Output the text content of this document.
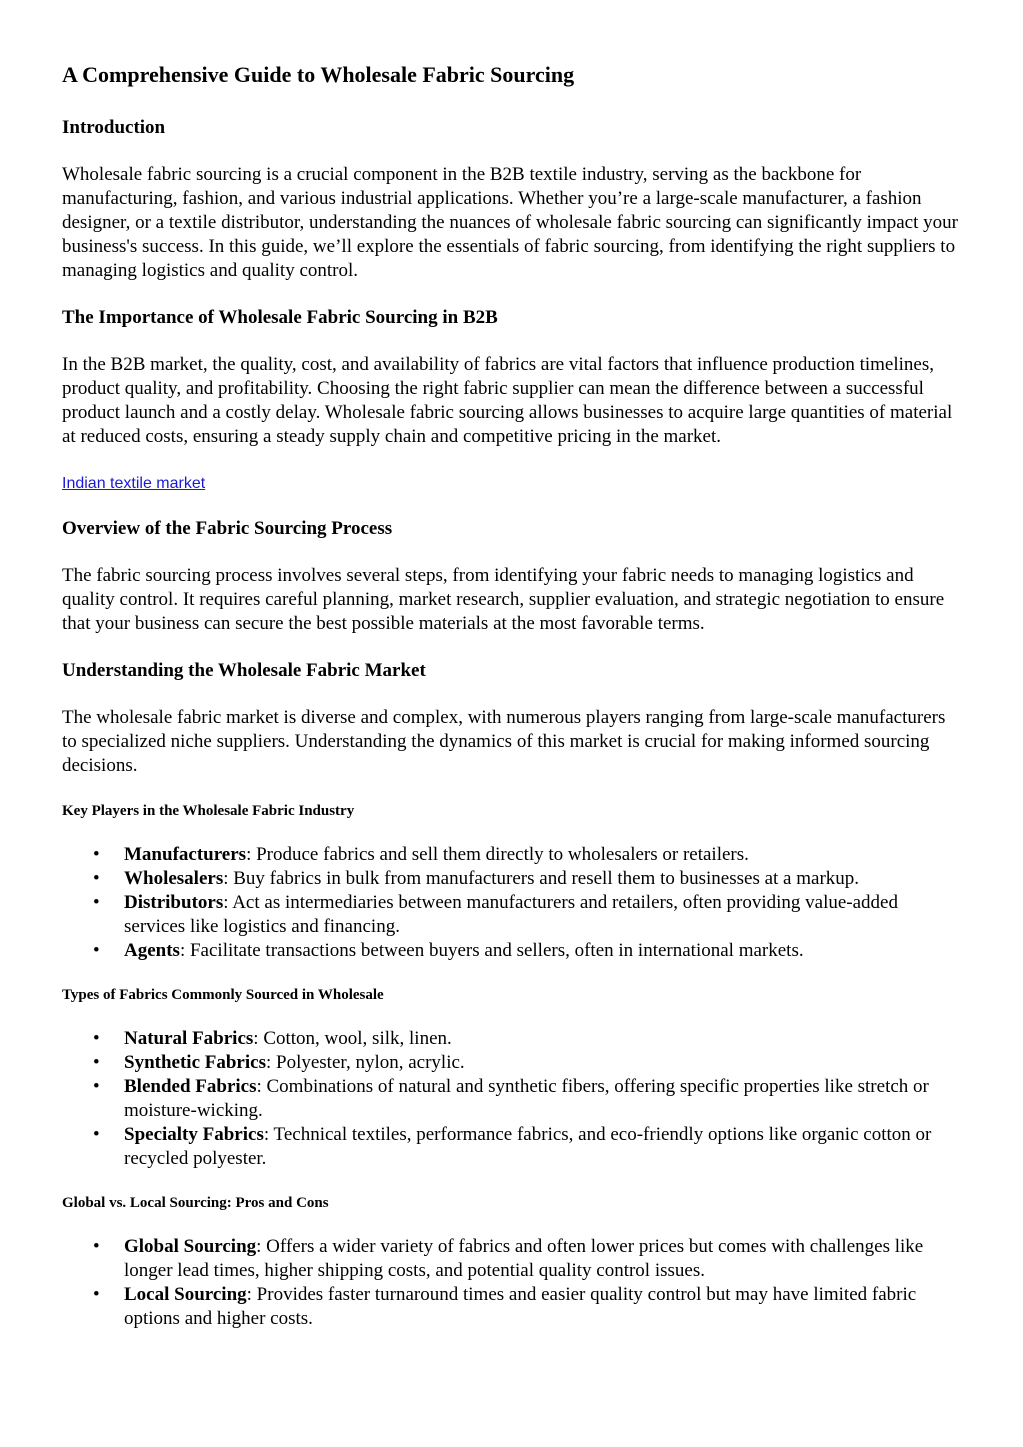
A Comprehensive Guide to Wholesale Fabric Sourcing
Introduction

Wholesale fabric sourcing is a crucial component in the B2B textile industry, serving as the backbone for manufacturing, fashion, and various industrial applications. Whether you’re a large-scale manufacturer, a fashion designer, or a textile distributor, understanding the nuances of wholesale fabric sourcing can significantly impact your business's success. In this guide, we’ll explore the essentials of fabric sourcing, from identifying the right suppliers to managing logistics and quality control.

The Importance of Wholesale Fabric Sourcing in B2B

In the B2B market, the quality, cost, and availability of fabrics are vital factors that influence production timelines, product quality, and profitability. Choosing the right fabric supplier can mean the difference between a successful product launch and a costly delay. Wholesale fabric sourcing allows businesses to acquire large quantities of material at reduced costs, ensuring a steady supply chain and competitive pricing in the market.

Indian textile market
Overview of the Fabric Sourcing Process

The fabric sourcing process involves several steps, from identifying your fabric needs to managing logistics and quality control. It requires careful planning, market research, supplier evaluation, and strategic negotiation to ensure that your business can secure the best possible materials at the most favorable terms.

Understanding the Wholesale Fabric Market

The wholesale fabric market is diverse and complex, with numerous players ranging from large-scale manufacturers to specialized niche suppliers. Understanding the dynamics of this market is crucial for making informed sourcing decisions.

Key Players in the Wholesale Fabric Industry
• Manufacturers: Produce fabrics and sell them directly to wholesalers or retailers.
• Wholesalers: Buy fabrics in bulk from manufacturers and resell them to businesses at a markup.
• Distributors: Act as intermediaries between manufacturers and retailers, often providing value-added services like logistics and financing.
• Agents: Facilitate transactions between buyers and sellers, often in international markets.
Types of Fabrics Commonly Sourced in Wholesale
• Natural Fabrics: Cotton, wool, silk, linen.
• Synthetic Fabrics: Polyester, nylon, acrylic.
• Blended Fabrics: Combinations of natural and synthetic fibers, offering specific properties like stretch or moisture-wicking.
• Specialty Fabrics: Technical textiles, performance fabrics, and eco-friendly options like organic cotton or recycled polyester.
Global vs. Local Sourcing: Pros and Cons
• Global Sourcing: Offers a wider variety of fabrics and often lower prices but comes with challenges like longer lead times, higher shipping costs, and potential quality control issues.
• Local Sourcing: Provides faster turnaround times and easier quality control but may have limited fabric options and higher costs.
